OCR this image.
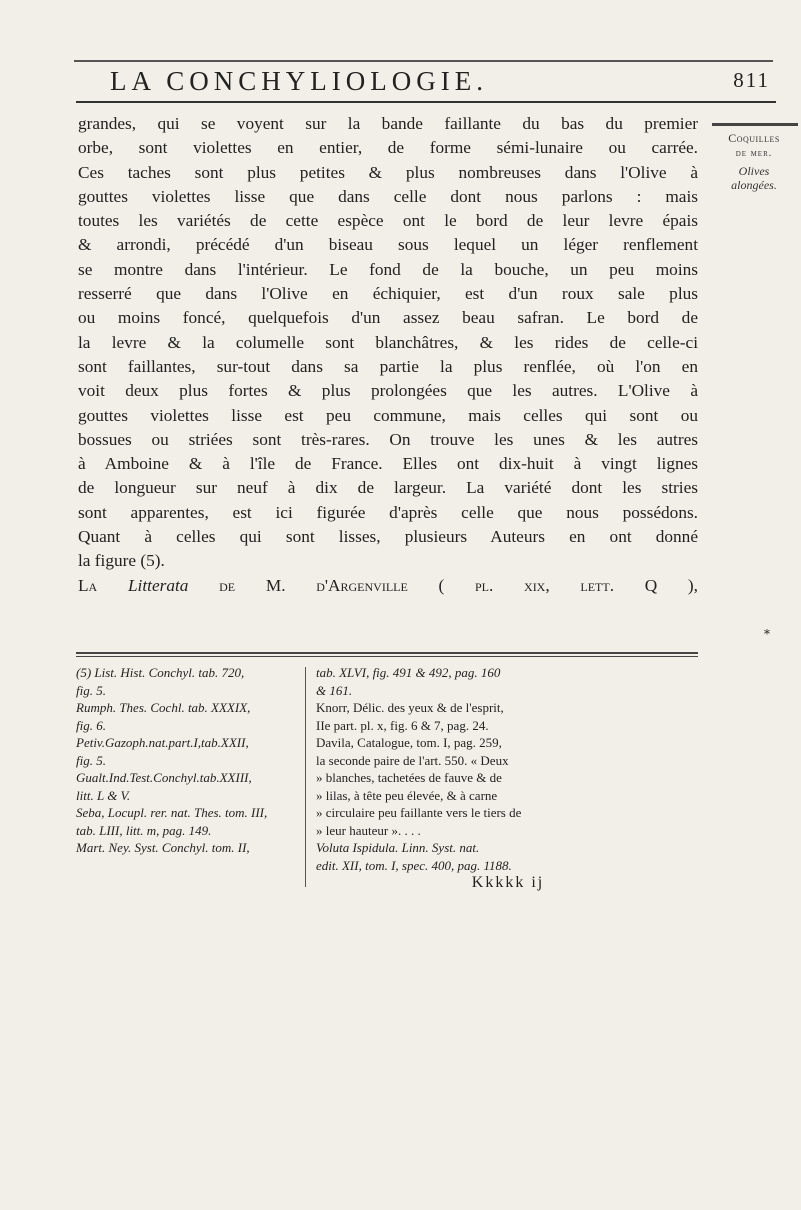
LA CONCHYLIOLOGIE.	811
Coquilles
de mer.
Olives
alongées.
grandes, qui se voyent sur la bande faillante du bas du premier
orbe, sont violettes en entier, de forme sémi-lunaire ou carrée.
Ces taches sont plus petites & plus nombreuses dans l'Olive à
gouttes violettes lisse que dans celle dont nous parlons : mais
toutes les variétés de cette espèce ont le bord de leur levre épais
& arrondi, précédé d'un biseau sous lequel un léger renflement
se montre dans l'intérieur. Le fond de la bouche, un peu moins
resserré que dans l'Olive en échiquier, est d'un roux sale plus
ou moins foncé, quelquefois d'un assez beau safran. Le bord de
la levre & la columelle sont blanchâtres, & les rides de celle-ci
sont faillantes, sur-tout dans sa partie la plus renflée, où l'on en
voit deux plus fortes & plus prolongées que les autres. L'Olive à
gouttes violettes lisse est peu commune, mais celles qui sont ou
bossues ou striées sont très-rares. On trouve les unes & les autres
à Amboine & à l'île de France. Elles ont dix-huit à vingt lignes
de longueur sur neuf à dix de largeur. La variété dont les stries
sont apparentes, est ici figurée d'après celle que nous possédons.
Quant à celles qui sont lisses, plusieurs Auteurs en ont donné
la figure (5).
La Litterata de M. d'Argenville ( pl. xix, lett. Q ),
*
(5) List. Hist. Conchyl. tab. 720,
fig. 5.
Rumph. Thes. Cochl. tab. XXXIX,
fig. 6.
Petiv.Gazoph.nat.part.I,tab.XXII,
fig. 5.
Gualt.Ind.Test.Conchyl.tab.XXIII,
litt. L & V.
Seba, Locupl. rer. nat. Thes. tom. III,
tab. LIII, litt. m, pag. 149.
Mart. Ney. Syst. Conchyl. tom. II,
tab. XLVI, fig. 491 & 492, pag. 160
& 161.
Knorr, Délic. des yeux & de l'esprit,
IIe part. pl. x, fig. 6 & 7, pag. 24.
Davila, Catalogue, tom. I, pag. 259,
la seconde paire de l'art. 550. « Deux
» blanches, tachetées de fauve & de
» lilas, à tête peu élevée, & à carne
» circulaire peu faillante vers le tiers de
» leur hauteur ». . . .
Voluta Ispidula. Linn. Syst. nat.
edit. XII, tom. I, spec. 400, pag. 1188.
Kkkkk ij
